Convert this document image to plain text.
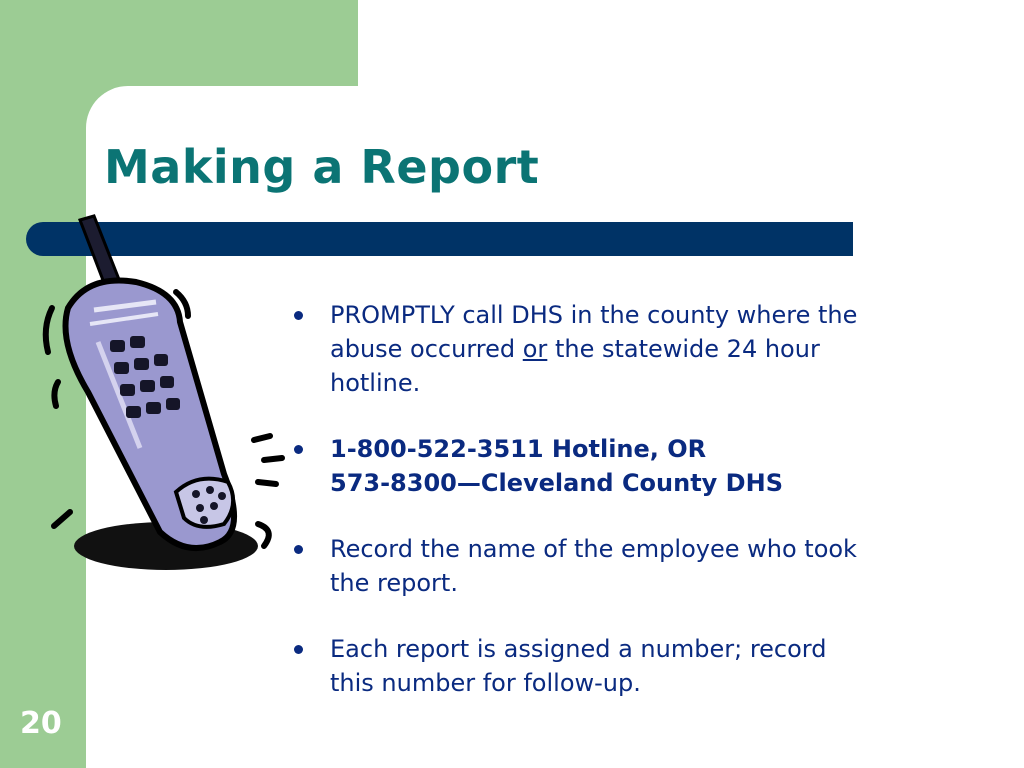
Making a Report
PROMPTLY call DHS in the county where the abuse occurred or the statewide 24 hour hotline.
1-800-522-3511 Hotline, OR
573-8300—Cleveland County DHS
Record the name of the employee who took the report.
Each report is assigned a number; record this number for follow-up.
20
